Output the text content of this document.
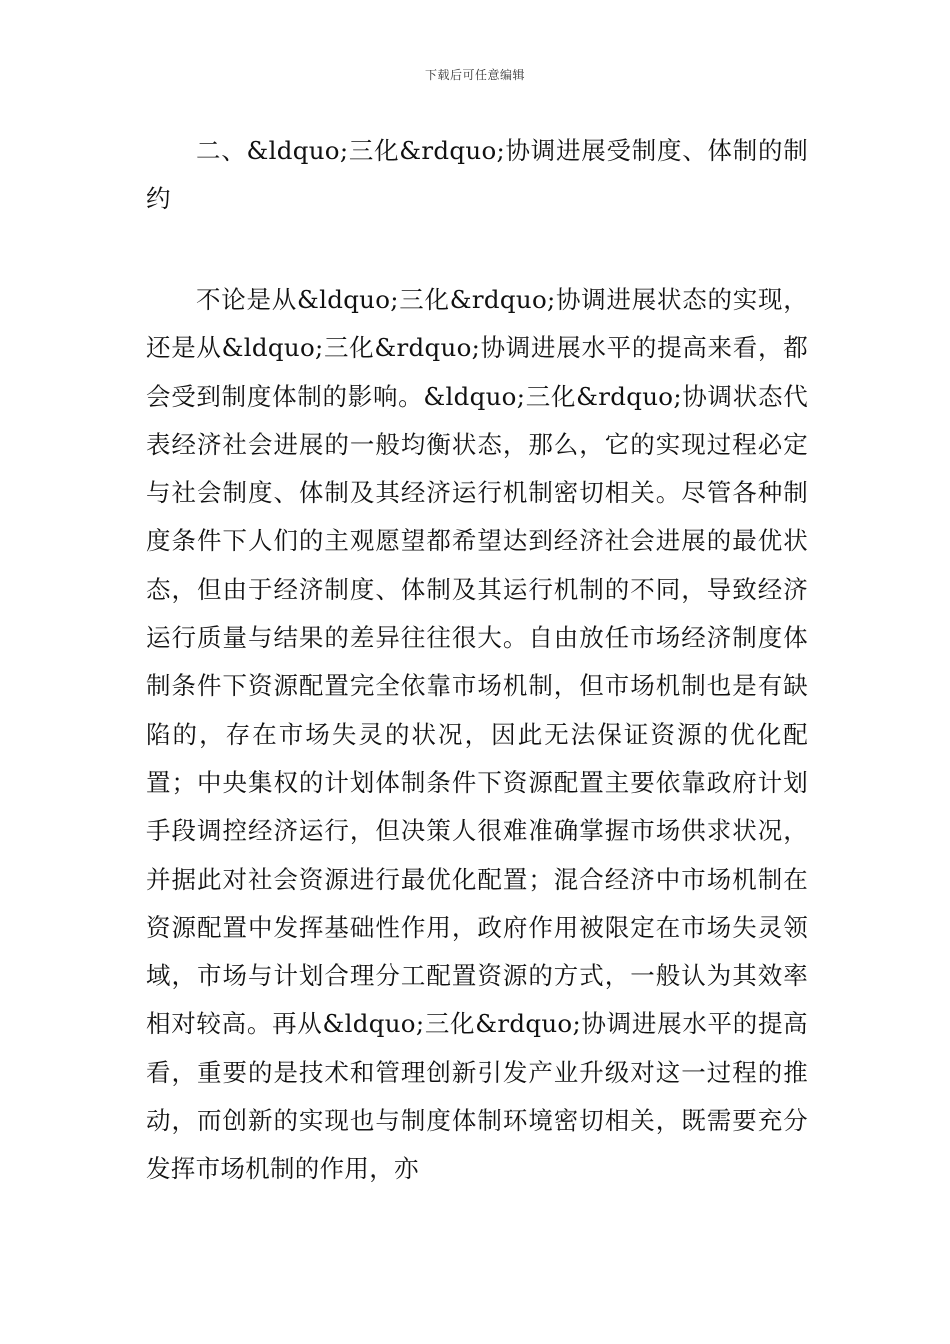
下载后可任意编辑

二、&ldquo;三化&rdquo;协调进展受制度、体制的制约

不论是从&ldquo;三化&rdquo;协调进展状态的实现，还是从&ldquo;三化&rdquo;协调进展水平的提高来看，都会受到制度体制的影响。&ldquo;三化&rdquo;协调状态代表经济社会进展的一般均衡状态，那么，它的实现过程必定与社会制度、体制及其经济运行机制密切相关。尽管各种制度条件下人们的主观愿望都希望达到经济社会进展的最优状态，但由于经济制度、体制及其运行机制的不同，导致经济运行质量与结果的差异往往很大。自由放任市场经济制度体制条件下资源配置完全依靠市场机制，但市场机制也是有缺陷的，存在市场失灵的状况，因此无法保证资源的优化配置；中央集权的计划体制条件下资源配置主要依靠政府计划手段调控经济运行，但决策人很难准确掌握市场供求状况，并据此对社会资源进行最优化配置；混合经济中市场机制在资源配置中发挥基础性作用，政府作用被限定在市场失灵领域，市场与计划合理分工配置资源的方式，一般认为其效率相对较高。再从&ldquo;三化&rdquo;协调进展水平的提高看，重要的是技术和管理创新引发产业升级对这一过程的推动，而创新的实现也与制度体制环境密切相关，既需要充分发挥市场机制的作用，亦
